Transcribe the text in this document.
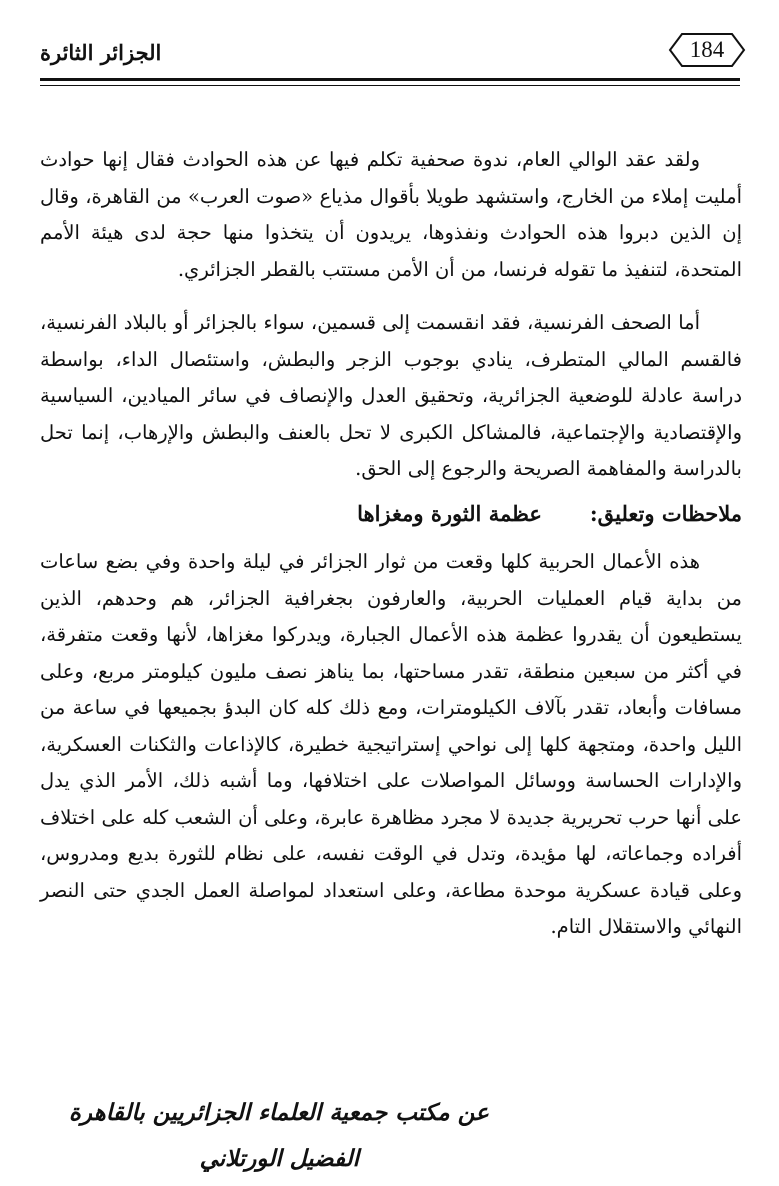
الجزائر الثائرة	184

ولقد عقد الوالي العام، ندوة صحفية تكلم فيها عن هذه الحوادث فقال إنها حوادث أمليت إملاء من الخارج، واستشهد طويلا بأقوال مذياع «صوت العرب» من القاهرة، وقال إن الذين دبروا هذه الحوادث ونفذوها، يريدون أن يتخذوا منها حجة لدى هيئة الأمم المتحدة، لتنفيذ ما تقوله فرنسا، من أن الأمن مستتب بالقطر الجزائري.

أما الصحف الفرنسية، فقد انقسمت إلى قسمين، سواء بالجزائر أو بالبلاد الفرنسية، فالقسم المالي المتطرف، ينادي بوجوب الزجر والبطش، واستئصال الداء، بواسطة دراسة عادلة للوضعية الجزائرية، وتحقيق العدل والإنصاف في سائر الميادين، السياسية والإقتصادية والإجتماعية، فالمشاكل الكبرى لا تحل بالعنف والبطش والإرهاب، إنما تحل بالدراسة والمفاهمة الصريحة والرجوع إلى الحق.

ملاحظات وتعليق:عظمة الثورة ومغزاها

هذه الأعمال الحربية كلها وقعت من ثوار الجزائر في ليلة واحدة وفي بضع ساعات من بداية قيام العمليات الحربية، والعارفون بجغرافية الجزائر، هم وحدهم، الذين يستطيعون أن يقدروا عظمة هذه الأعمال الجبارة، ويدركوا مغزاها، لأنها وقعت متفرقة، في أكثر من سبعين منطقة، تقدر مساحتها، بما يناهز نصف مليون كيلومتر مربع، وعلى مسافات وأبعاد، تقدر بآلاف الكيلومترات، ومع ذلك كله كان البدؤ بجميعها في ساعة من الليل واحدة، ومتجهة كلها إلى نواحي إستراتيجية خطيرة، كالإذاعات والثكنات العسكرية، والإدارات الحساسة ووسائل المواصلات على اختلافها، وما أشبه ذلك، الأمر الذي يدل على أنها حرب تحريرية جديدة لا مجرد مظاهرة عابرة، وعلى أن الشعب كله على اختلاف أفراده وجماعاته، لها مؤيدة، وتدل في الوقت نفسه، على نظام للثورة بديع ومدروس، وعلى قيادة عسكرية موحدة مطاعة، وعلى استعداد لمواصلة العمل الجدي حتى النصر النهائي والاستقلال التام.

عن مكتب جمعية العلماء الجزائريين بالقاهرة
الفضيل الورتلاني
